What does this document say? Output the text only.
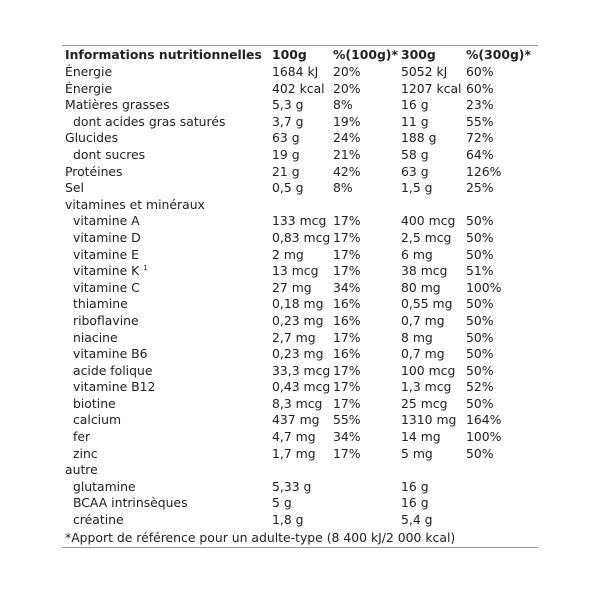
Informations nutritionnelles	100g	%(100g)*	300g	%(300g)*
Énergie	1684 kJ	20%	5052 kJ	60%
Énergie	402 kcal	20%	1207 kcal	60%
Matières grasses	5,3 g	8%	16 g	23%
dont acides gras saturés	3,7 g	19%	11 g	55%
Glucides	63 g	24%	188 g	72%
dont sucres	19 g	21%	58 g	64%
Protéines	21 g	42%	63 g	126%
Sel	0,5 g	8%	1,5 g	25%
vitamines et minéraux				
vitamine A	133 mcg	17%	400 mcg	50%
vitamine D	0,83 mcg	17%	2,5 mcg	50%
vitamine E	2 mg	17%	6 mg	50%
vitamine K $^1$	13 mcg	17%	38 mcg	51%
vitamine C	27 mg	34%	80 mg	100%
thiamine	0,18 mg	16%	0,55 mg	50%
riboflavine	0,23 mg	16%	0,7 mg	50%
niacine	2,7 mg	17%	8 mg	50%
vitamine B6	0,23 mg	16%	0,7 mg	50%
acide folique	33,3 mcg	17%	100 mcg	50%
vitamine B12	0,43 mcg	17%	1,3 mcg	52%
biotine	8,3 mcg	17%	25 mcg	50%
calcium	437 mg	55%	1310 mg	164%
fer	4,7 mg	34%	14 mg	100%
zinc	1,7 mg	17%	5 mg	50%
autre				
glutamine	5,33 g		16 g	
BCAA intrinsèques	5 g		16 g	
créatine	1,8 g		5,4 g	
*Apport de référence pour un adulte-type (8 400 kJ/2 000 kcal)
